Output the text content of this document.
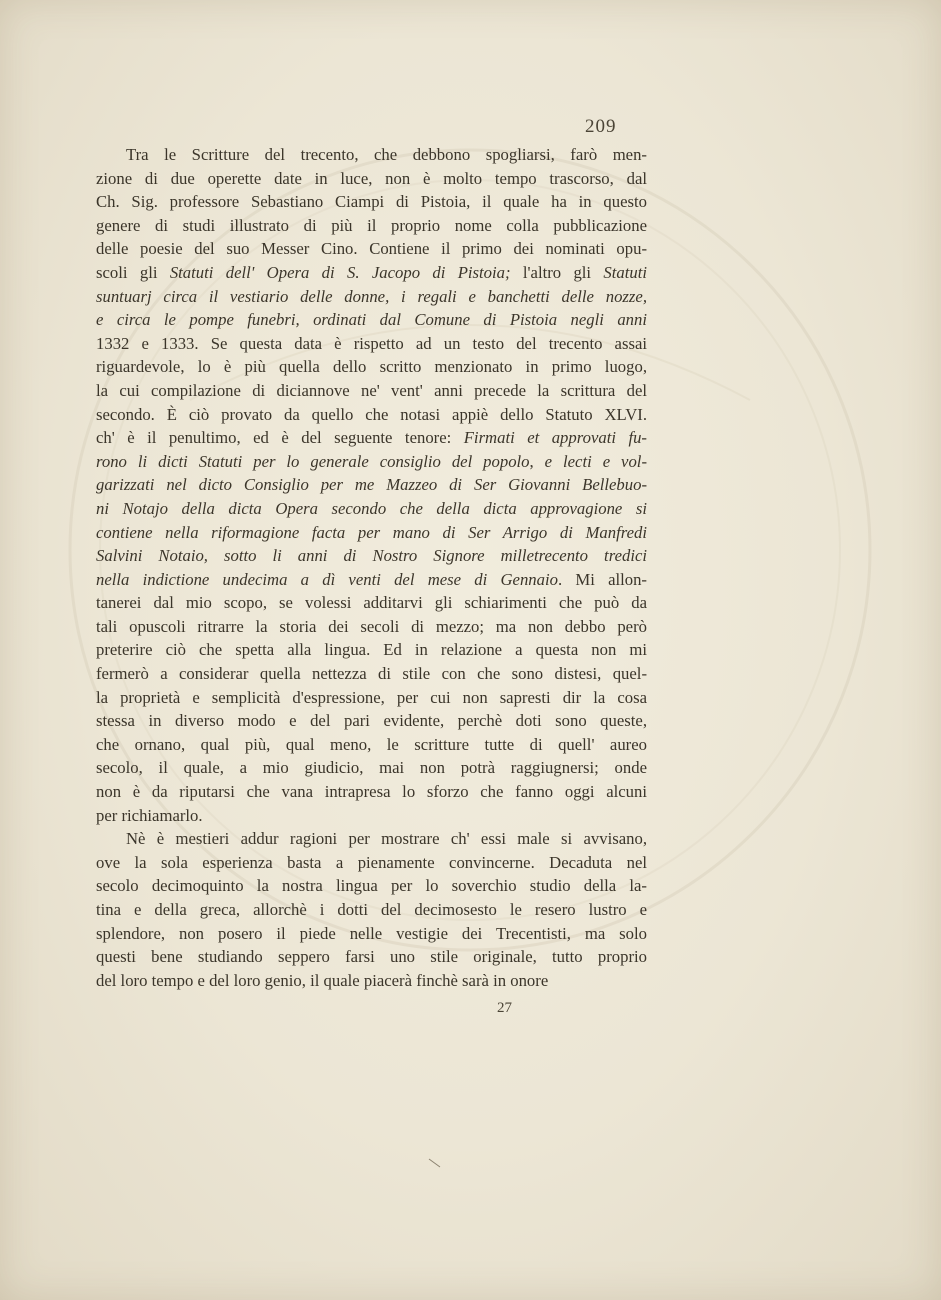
209
Tra le Scritture del trecento, che debbono spogliarsi, farò men-
zione di due operette date in luce, non è molto tempo trascorso, dal
Ch. Sig. professore Sebastiano Ciampi di Pistoia, il quale ha in questo
genere di studi illustrato di più il proprio nome colla pubblicazione
delle poesie del suo Messer Cino. Contiene il primo dei nominati opu-
scoli gli Statuti dell' Opera di S. Jacopo di Pistoia; l'altro gli Statuti
suntuarj circa il vestiario delle donne, i regali e banchetti delle nozze,
e circa le pompe funebri, ordinati dal Comune di Pistoia negli anni
1332 e 1333. Se questa data è rispetto ad un testo del trecento assai
riguardevole, lo è più quella dello scritto menzionato in primo luogo,
la cui compilazione di diciannove ne' vent' anni precede la scrittura del
secondo. È ciò provato da quello che notasi appiè dello Statuto XLVI.
ch' è il penultimo, ed è del seguente tenore: Firmati et approvati fu-
rono li dicti Statuti per lo generale consiglio del popolo, e lecti e vol-
garizzati nel dicto Consiglio per me Mazzeo di Ser Giovanni Bellebuo-
ni Notajo della dicta Opera secondo che della dicta approvagione si
contiene nella riformagione facta per mano di Ser Arrigo di Manfredi
Salvini Notaio, sotto li anni di Nostro Signore milletrecento tredici
nella indictione undecima a dì venti del mese di Gennaio. Mi allon-
tanerei dal mio scopo, se volessi additarvi gli schiarimenti che può da
tali opuscoli ritrarre la storia dei secoli di mezzo; ma non debbo però
preterire ciò che spetta alla lingua. Ed in relazione a questa non mi
fermerò a considerar quella nettezza di stile con che sono distesi, quel-
la proprietà e semplicità d'espressione, per cui non sapresti dir la cosa
stessa in diverso modo e del pari evidente, perchè doti sono queste,
che ornano, qual più, qual meno, le scritture tutte di quell' aureo
secolo, il quale, a mio giudicio, mai non potrà raggiugnersi; onde
non è da riputarsi che vana intrapresa lo sforzo che fanno oggi alcuni
per richiamarlo.
Nè è mestieri addur ragioni per mostrare ch' essi male si avvisano,
ove la sola esperienza basta a pienamente convincerne. Decaduta nel
secolo decimoquinto la nostra lingua per lo soverchio studio della la-
tina e della greca, allorchè i dotti del decimosesto le resero lustro e
splendore, non posero il piede nelle vestigie dei Trecentisti, ma solo
questi bene studiando seppero farsi uno stile originale, tutto proprio
del loro tempo e del loro genio, il quale piacerà finchè sarà in onore
27
